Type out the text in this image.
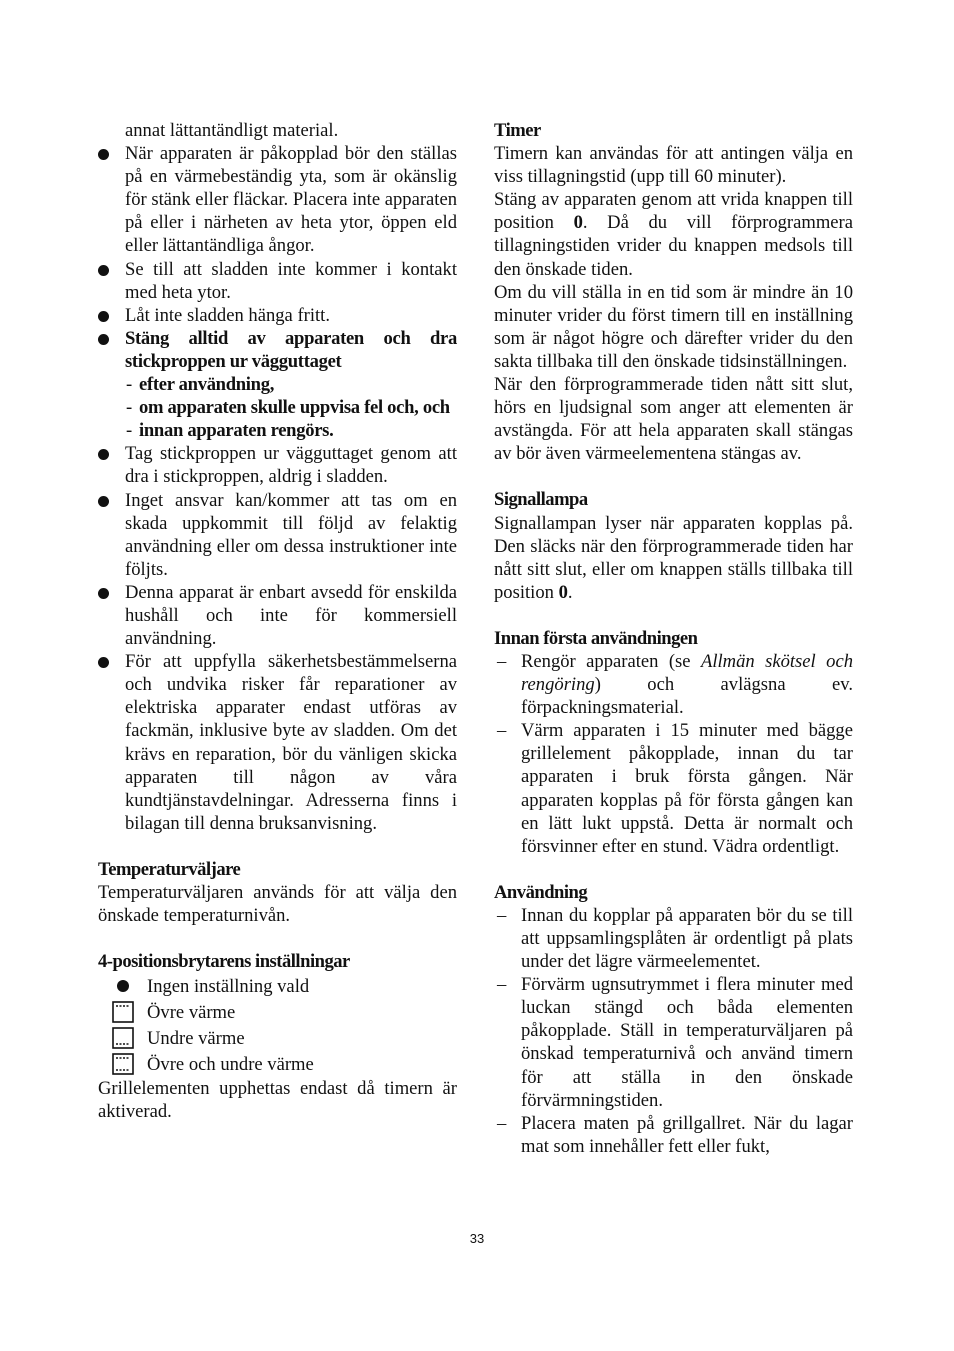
annat lättantändligt material.

När apparaten är påkopplad bör den ställas på en värmebeständig yta, som är okänslig för stänk eller fläckar. Placera inte apparaten på eller i närheten av heta ytor, öppen eld eller lättantändliga ångor.
Se till att sladden inte kommer i kontakt med heta ytor.
Låt inte sladden hänga fritt.
Stäng alltid av apparaten och dra stickproppen ur vägguttaget
- efter användning,
- om apparaten skulle uppvisa fel och, och
- innan apparaten rengörs.
Tag stickproppen ur vägguttaget genom att dra i stickproppen, aldrig i sladden.
Inget ansvar kan/kommer att tas om en skada uppkommit till följd av felaktig användning eller om dessa instruktioner inte följts.
Denna apparat är enbart avsedd för enskilda hushåll och inte för kommersiell användning.
För att uppfylla säkerhetsbestämmelserna och undvika risker får reparationer av elektriska apparater endast utföras av fackmän, inklusive byte av sladden. Om det krävs en reparation, bör du vänligen skicka apparaten till någon av våra kundtjänstavdelningar. Adresserna finns i bilagan till denna bruksanvisning.

Temperaturväljare

Temperaturväljaren används för att välja den önskade temperaturnivån.

4-positionsbrytarens inställningar

Ingen inställning vald
Övre värme
Undre värme
Övre och undre värme

Grillelementen upphettas endast då timern är aktiverad.

Timer

Timern kan användas för att antingen välja en viss tillagningstid (upp till 60 minuter).

Stäng av apparaten genom att vrida knappen till position 0. Då du vill förprogrammera tillagningstiden vrider du knappen medsols till den önskade tiden.

Om du vill ställa in en tid som är mindre än 10 minuter vrider du först timern till en inställning som är något högre och därefter vrider du den sakta tillbaka till den önskade tidsinställningen.

När den förprogrammerade tiden nått sitt slut, hörs en ljudsignal som anger att elementen är avstängda. För att hela apparaten skall stängas av bör även värmeelementena stängas av.

Signallampa

Signallampan lyser när apparaten kopplas på. Den släcks när den förprogrammerade tiden har nått sitt slut, eller om knappen ställs tillbaka till position 0.

Innan första användningen

– Rengör apparaten (se Allmän skötsel och rengöring) och avlägsna ev. förpackningsmaterial.
– Värm apparaten i 15 minuter med bägge grillelement påkopplade, innan du tar apparaten i bruk första gången. När apparaten kopplas på för första gången kan en lätt lukt uppstå. Detta är normalt och försvinner efter en stund. Vädra ordentligt.

Användning

– Innan du kopplar på apparaten bör du se till att uppsamlingsplåten är ordentligt på plats under det lägre värmeelementet.
– Förvärm ugnsutrymmet i flera minuter med luckan stängd och båda elementen påkopplade. Ställ in temperaturväljaren på önskad temperaturnivå och använd timern för att ställa in den önskade förvärmningstiden.
– Placera maten på grillgallret. När du lagar mat som innehåller fett eller fukt,
33
